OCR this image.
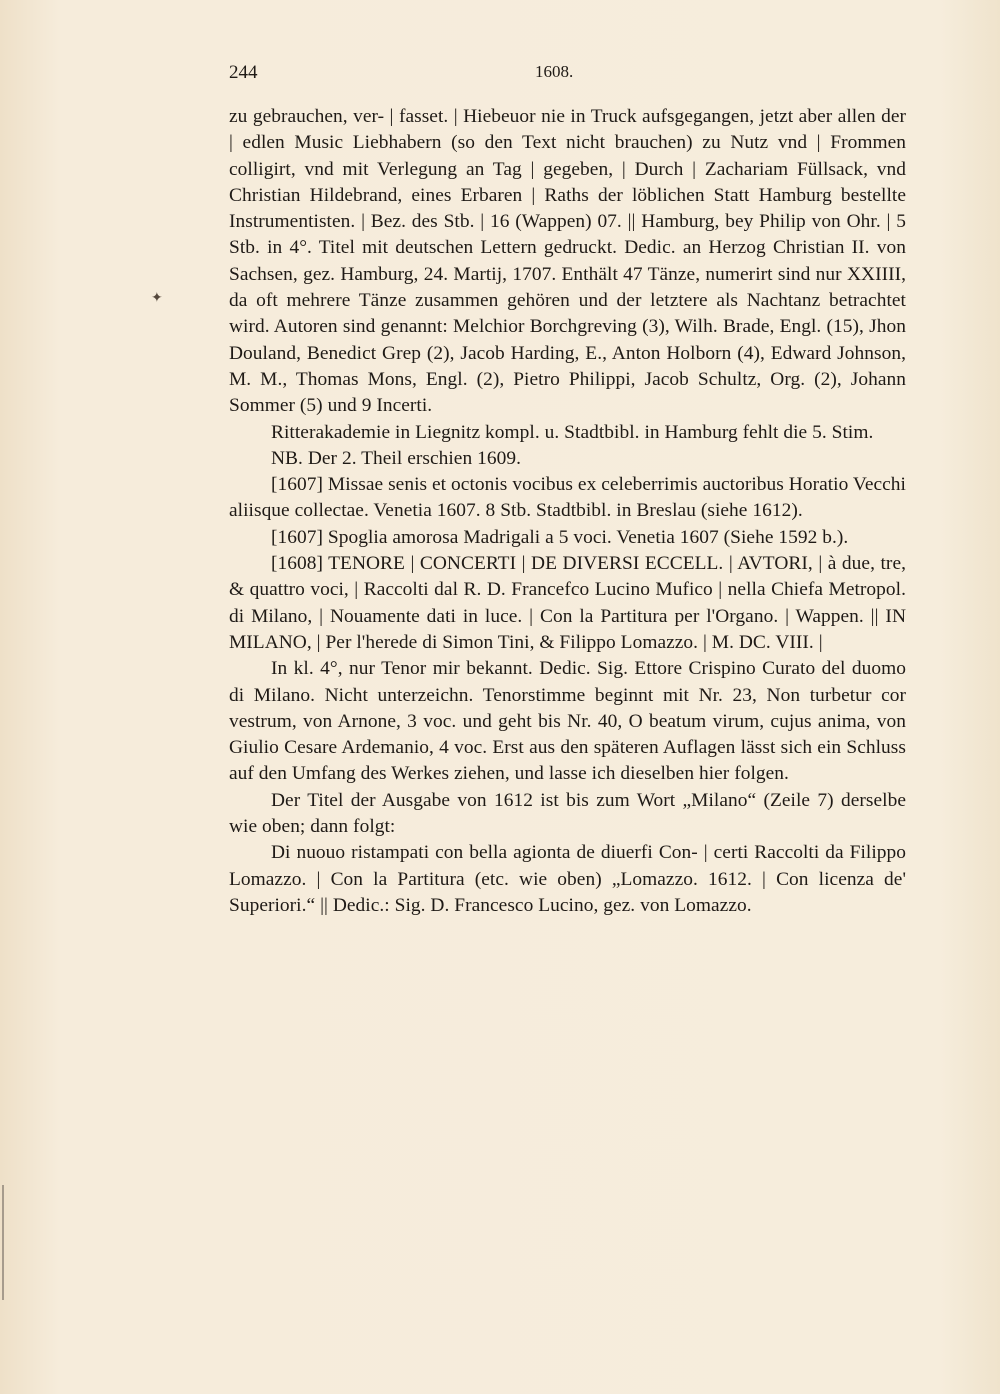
244	1608.

zu gebrauchen, ver- | fasset. | Hiebeuor nie in Truck aufsgegangen, jetzt aber allen der | edlen Music Liebhabern (so den Text nicht brauchen) zu Nutz vnd | Frommen colligirt, vnd mit Verlegung an Tag | gegeben, | Durch | Zachariam Füllsack, vnd Christian Hildebrand, eines Erbaren | Raths der löblichen Statt Hamburg bestellte Instrumentisten. | Bez. des Stb. | 16 (Wappen) 07. || Hamburg, bey Philip von Ohr. | 5 Stb. in 4°. Titel mit deutschen Lettern gedruckt. Dedic. an Herzog Christian II. von Sachsen, gez. Hamburg, 24. Martij, 1707. Enthält 47 Tänze, numerirt sind nur XXIIII, da oft mehrere Tänze zusammen gehören und der letztere als Nachtanz betrachtet wird. Autoren sind genannt: Melchior Borchgreving (3), Wilh. Brade, Engl. (15), Jhon Douland, Benedict Grep (2), Jacob Harding, E., Anton Holborn (4), Edward Johnson, M. M., Thomas Mons, Engl. (2), Pietro Philippi, Jacob Schultz, Org. (2), Johann Sommer (5) und 9 Incerti.

Ritterakademie in Liegnitz kompl. u. Stadtbibl. in Hamburg fehlt die 5. Stim.

NB. Der 2. Theil erschien 1609.

[1607] Missae senis et octonis vocibus ex celeberrimis auctoribus Horatio Vecchi aliisque collectae. Venetia 1607. 8 Stb. Stadtbibl. in Breslau (siehe 1612).

[1607] Spoglia amorosa Madrigali a 5 voci. Venetia 1607 (Siehe 1592 b.).

[1608] TENORE | CONCERTI | DE DIVERSI ECCELL. | AVTORI, | à due, tre, & quattro voci, | Raccolti dal R. D. Francefco Lucino Mufico | nella Chiefa Metropol. di Milano, | Nouamente dati in luce. | Con la Partitura per l'Organo. | Wappen. || IN MILANO, | Per l'herede di Simon Tini, & Filippo Lomazzo. | M. DC. VIII. |

In kl. 4°, nur Tenor mir bekannt. Dedic. Sig. Ettore Crispino Curato del duomo di Milano. Nicht unterzeichn. Tenorstimme beginnt mit Nr. 23, Non turbetur cor vestrum, von Arnone, 3 voc. und geht bis Nr. 40, O beatum virum, cujus anima, von Giulio Cesare Ardemanio, 4 voc. Erst aus den späteren Auflagen lässt sich ein Schluss auf den Umfang des Werkes ziehen, und lasse ich dieselben hier folgen.

Der Titel der Ausgabe von 1612 ist bis zum Wort „Milano“ (Zeile 7) derselbe wie oben; dann folgt:

Di nuouo ristampati con bella agionta de diuerfi Con- | certi Raccolti da Filippo Lomazzo. | Con la Partitura (etc. wie oben) „Lomazzo. 1612. | Con licenza de' Superiori.“ || Dedic.: Sig. D. Francesco Lucino, gez. von Lomazzo.

✦
